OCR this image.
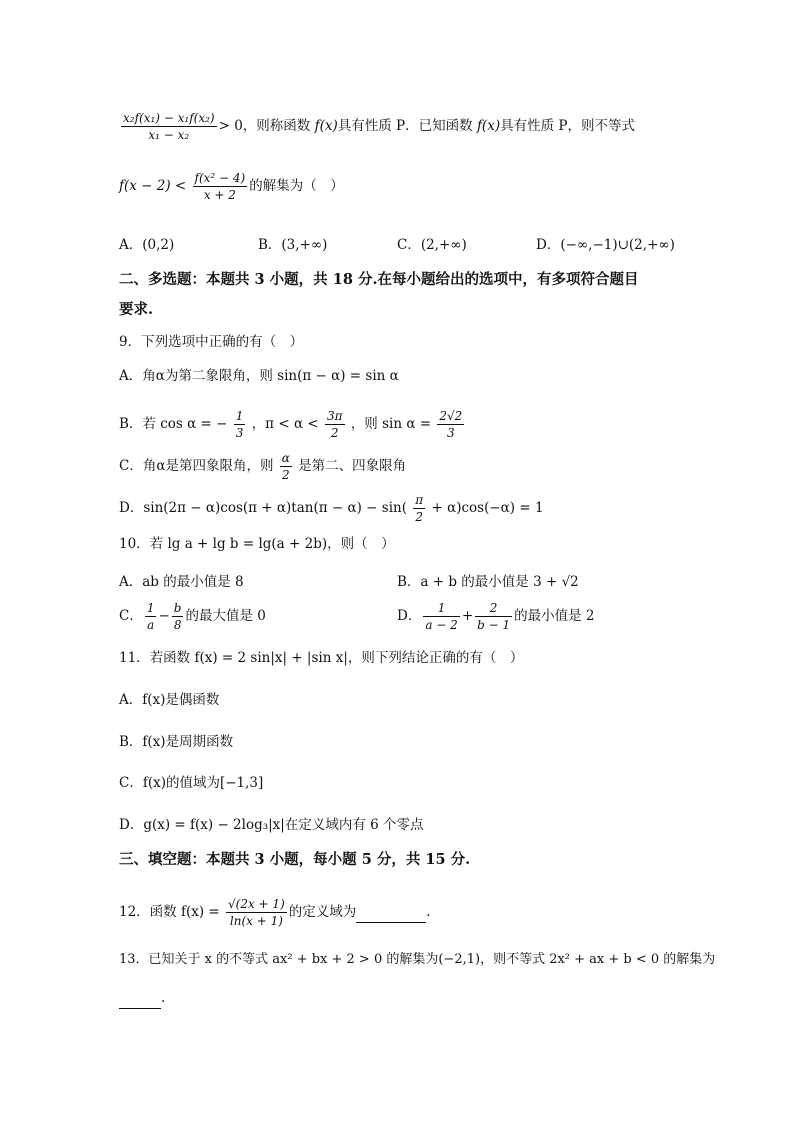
$\frac{\text{x₂f(x₁) − x₁f(x₂)}}{\text{x₁ − x₂}} > 0$，则称函数 f(x)具有性质 P．已知函数 f(x)具有性质 P，则不等式
$f(x - 2) < \frac{\text{f(x² − 4)}}{x + 2}$ 的解集为（　）
A．(0,2)	B．(3,+∞)	C．(2,+∞)	D．(−∞,−1)∪(2,+∞)
二、多选题：本题共 3 小题，共 18 分.在每小题给出的选项中，有多项符合题目
要求.
9．下列选项中正确的有（　）
A．角α为第二象限角，则 sin(π − α) = sin α
B．若 cos α = − $\frac{1}{3}$ ，$\pi < \alpha < \frac{3\pi}{2}$ ，则 $\sin \alpha = \frac{2√2}{3}$
C．角α是第四象限角，则 $\frac{\alpha}{2}$ 是第二、四象限角
D．$\sin(2\pi - \alpha)\cos(\pi + \alpha)\tan(\pi - \alpha) - \sin( \frac{\pi}{2} + \alpha)\cos(-\alpha) = 1$
10．若 lg a + lg b = lg(a + 2b)，则（　）
A．ab 的最小值是 8	B．a + b 的最小值是 3 + √2
C． $\frac{1}{a} - \frac{b}{8}$ 的最大值是 0	D． $\frac{1}{a - 2} + \frac{2}{b - 1}$ 的最小值是 2
11．若函数 f(x) = 2 sin|x| + |sin x|，则下列结论正确的有（　）
A．f(x)是偶函数
B．f(x)是周期函数
C．f(x)的值域为[−1,3]
D．g(x) = f(x) − 2log₃|x|在定义域内有 6 个零点
三、填空题：本题共 3 小题，每小题 5 分，共 15 分.
12．函数 $f(x) = \frac{√(2x + 1)}{\ln(x + 1)}$ 的定义域为	.
13．已知关于 x 的不等式 ax² + bx + 2 > 0 的解集为(−2,1)，则不等式 2x² + ax + b < 0 的解集为
.
